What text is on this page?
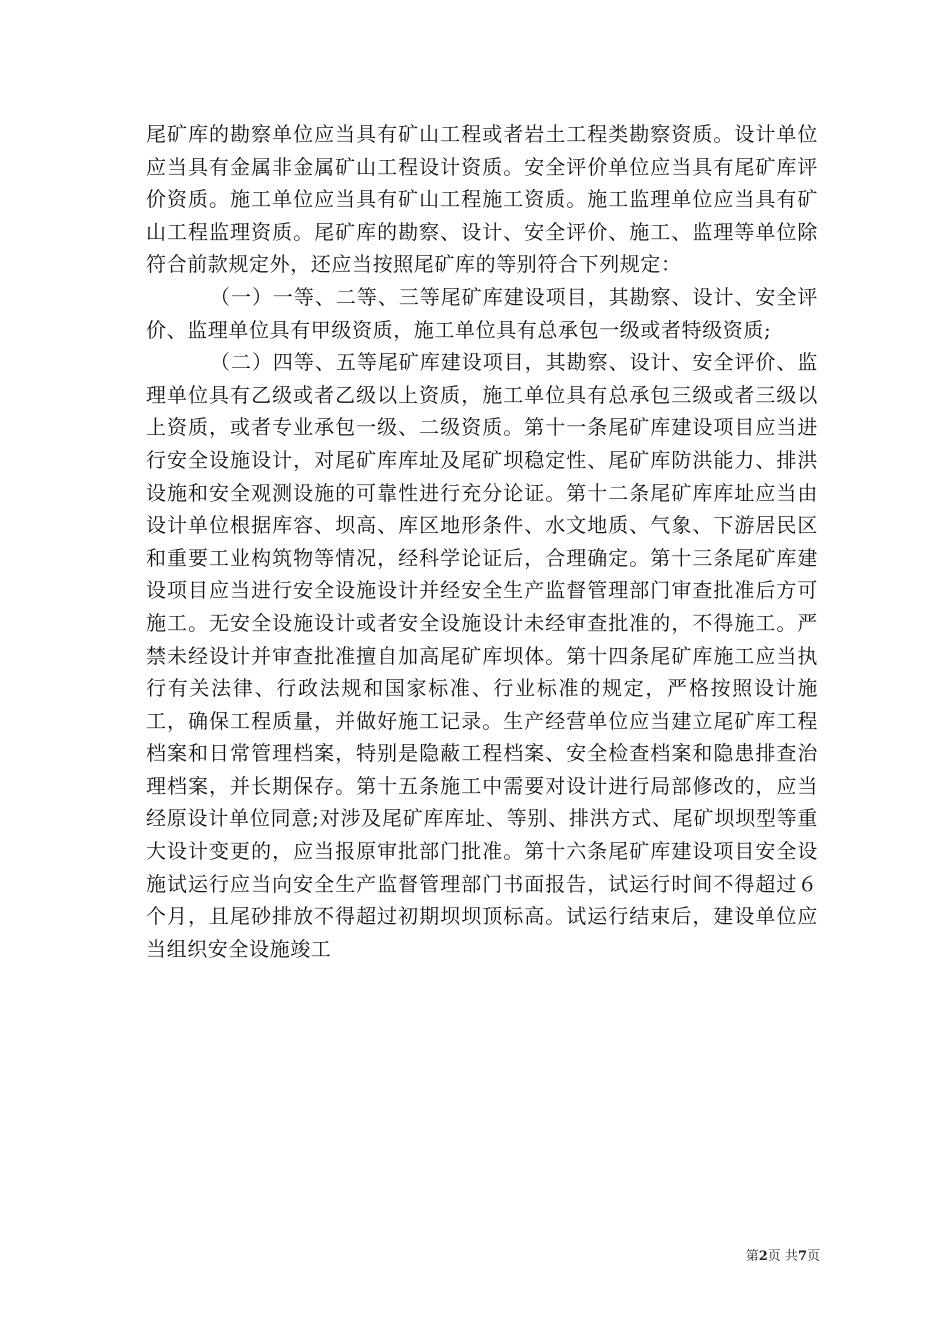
尾矿库的勘察单位应当具有矿山工程或者岩土工程类勘察资质。设计单位应当具有金属非金属矿山工程设计资质。安全评价单位应当具有尾矿库评价资质。施工单位应当具有矿山工程施工资质。施工监理单位应当具有矿山工程监理资质。尾矿库的勘察、设计、安全评价、施工、监理等单位除符合前款规定外，还应当按照尾矿库的等别符合下列规定：

（一）一等、二等、三等尾矿库建设项目，其勘察、设计、安全评价、监理单位具有甲级资质，施工单位具有总承包一级或者特级资质;

（二）四等、五等尾矿库建设项目，其勘察、设计、安全评价、监理单位具有乙级或者乙级以上资质，施工单位具有总承包三级或者三级以上资质，或者专业承包一级、二级资质。第十一条尾矿库建设项目应当进行安全设施设计，对尾矿库库址及尾矿坝稳定性、尾矿库防洪能力、排洪设施和安全观测设施的可靠性进行充分论证。第十二条尾矿库库址应当由设计单位根据库容、坝高、库区地形条件、水文地质、气象、下游居民区和重要工业构筑物等情况，经科学论证后，合理确定。第十三条尾矿库建设项目应当进行安全设施设计并经安全生产监督管理部门审查批准后方可施工。无安全设施设计或者安全设施设计未经审查批准的，不得施工。严禁未经设计并审查批准擅自加高尾矿库坝体。第十四条尾矿库施工应当执行有关法律、行政法规和国家标准、行业标准的规定，严格按照设计施工，确保工程质量，并做好施工记录。生产经营单位应当建立尾矿库工程档案和日常管理档案，特别是隐蔽工程档案、安全检查档案和隐患排查治理档案，并长期保存。第十五条施工中需要对设计进行局部修改的，应当经原设计单位同意;对涉及尾矿库库址、等别、排洪方式、尾矿坝坝型等重大设计变更的，应当报原审批部门批准。第十六条尾矿库建设项目安全设施试运行应当向安全生产监督管理部门书面报告，试运行时间不得超过６个月，且尾砂排放不得超过初期坝坝顶标高。试运行结束后，建设单位应当组织安全设施竣工

第2页 共7页
